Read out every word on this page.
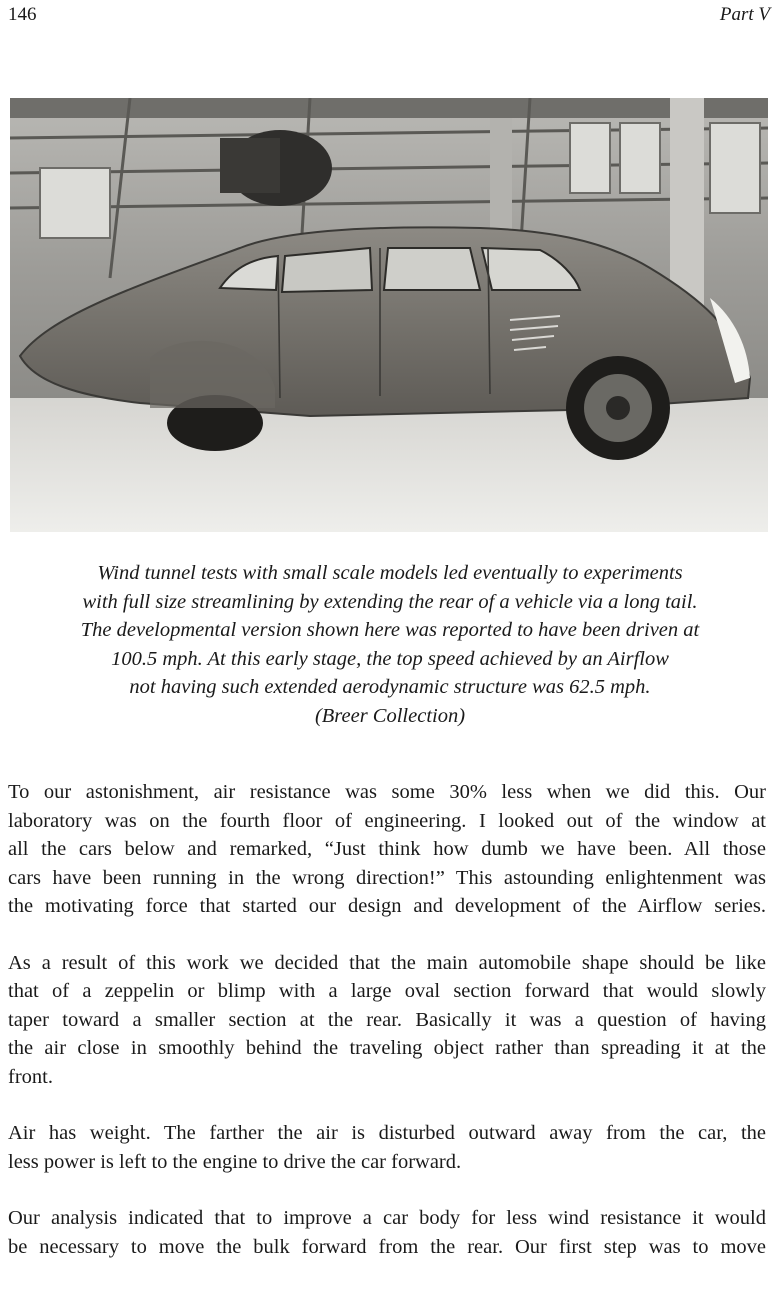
146	Part V
Wind tunnel tests with small scale models led eventually to experiments
with full size streamlining by extending the rear of a vehicle via a long tail.
The developmental version shown here was reported to have been driven at
100.5 mph. At this early stage, the top speed achieved by an Airflow
not having such extended aerodynamic structure was 62.5 mph.
(Breer Collection)

To our astonishment, air resistance was some 30% less when we did this. Our
laboratory was on the fourth floor of engineering. I looked out of the window at
all the cars below and remarked, “Just think how dumb we have been. All those
cars have been running in the wrong direction!” This astounding enlightenment was
the motivating force that started our design and development of the Airflow series.

As a result of this work we decided that the main automobile shape should be like
that of a zeppelin or blimp with a large oval section forward that would slowly
taper toward a smaller section at the rear. Basically it was a question of having
the air close in smoothly behind the traveling object rather than spreading it at the
front.

Air has weight. The farther the air is disturbed outward away from the car, the
less power is left to the engine to drive the car forward.

Our analysis indicated that to improve a car body for less wind resistance it would
be necessary to move the bulk forward from the rear. Our first step was to move
